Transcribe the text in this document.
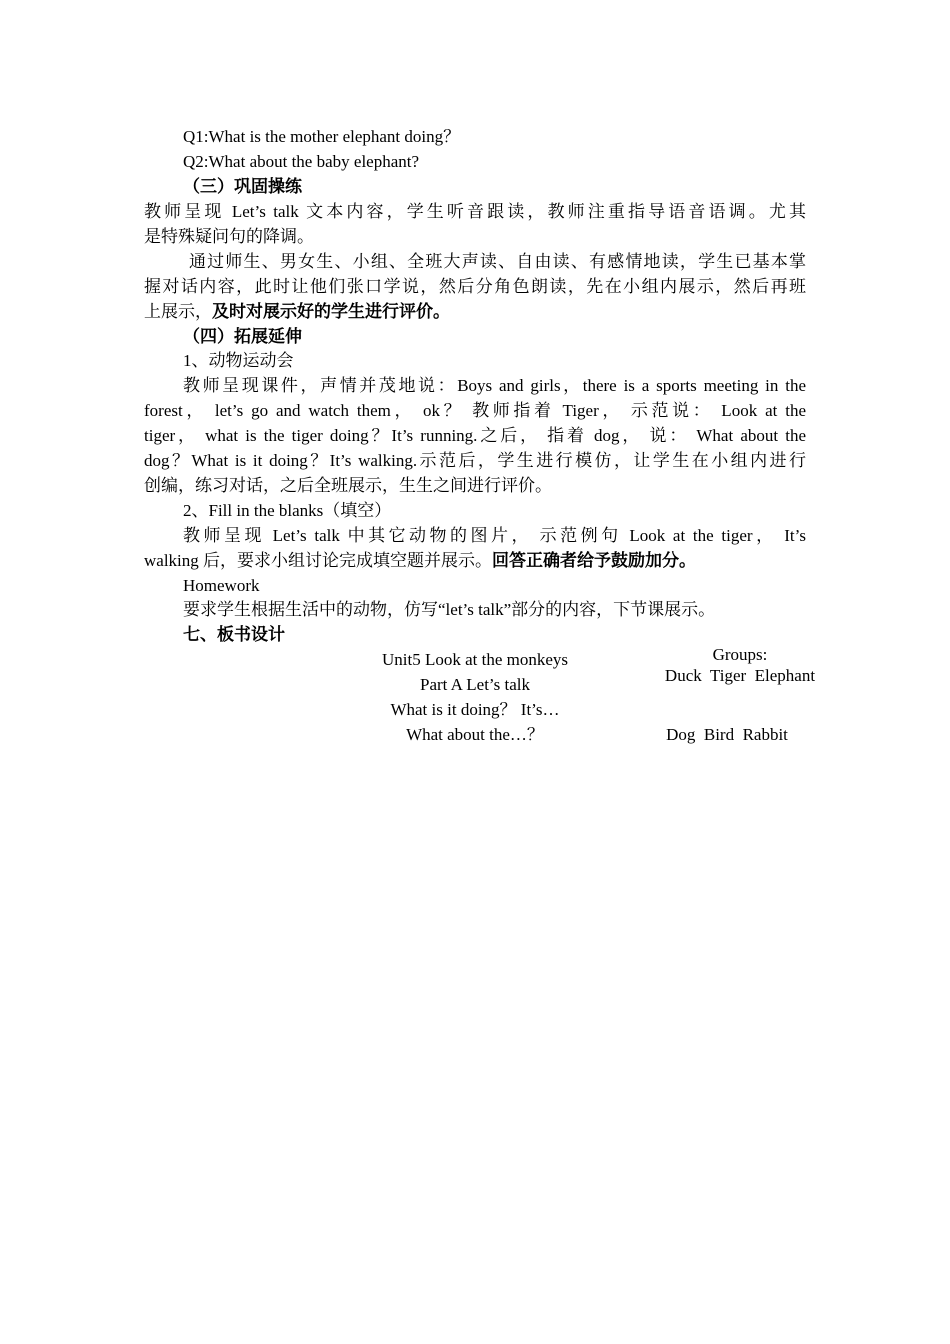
Q1:What is the mother elephant doing？
Q2:What about the baby elephant?
（三）巩固操练
教师呈现 Let’s talk 文本内容，学生听音跟读，教师注重指导语音语调。尤其
是特殊疑问句的降调。
通过师生、男女生、小组、全班大声读、自由读、有感情地读，学生已基本掌
握对话内容，此时让他们张口学说，然后分角色朗读，先在小组内展示，然后再班
上展示，及时对展示好的学生进行评价。
（四）拓展延伸
1、动物运动会
教师呈现课件，声情并茂地说：Boys and girls，there is a sports meeting in the
forest， let’s go and watch them， ok？ 教师指着 Tiger， 示范说： Look at the
tiger， what is the tiger doing？It’s running.之后， 指着 dog， 说： What about the
dog？What is it doing？It’s walking.示范后，学生进行模仿，让学生在小组内进行
创编，练习对话，之后全班展示，生生之间进行评价。
2、Fill in the blanks（填空）
教师呈现 Let’s talk 中其它动物的图片， 示范例句 Look at the tiger， It’s
walking 后，要求小组讨论完成填空题并展示。回答正确者给予鼓励加分。
Homework
要求学生根据生活中的动物，仿写“let’s talk”部分的内容，下节课展示。
七、板书设计
Unit5 Look at the monkeys
Part A Let’s talk
What is it doing？ It’s…
What about the…？
Groups:
Duck  Tiger  Elephant
Dog  Bird  Rabbit
